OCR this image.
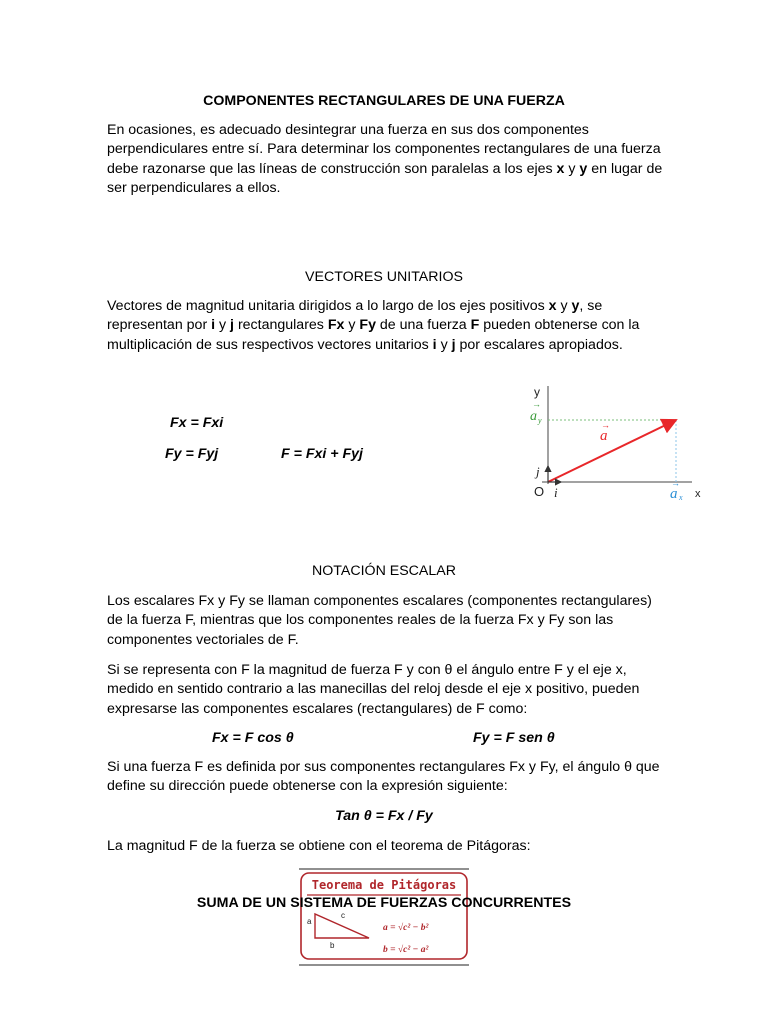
COMPONENTES RECTANGULARES DE UNA FUERZA

En ocasiones, es adecuado desintegrar una fuerza en sus dos componentes perpendiculares entre sí. Para determinar los componentes rectangulares de una fuerza debe razonarse que las líneas de construcción son paralelas a los ejes x y y en lugar de ser perpendiculares a ellos.

VECTORES UNITARIOS

Vectores de magnitud unitaria dirigidos a lo largo de los ejes positivos x y y, se representan por i y j rectangulares Fx y Fy de una fuerza F pueden obtenerse con la multiplicación de sus respectivos vectores unitarios i y j por escalares apropiados.

Fx = Fxi
Fy = Fyj	F = Fxi + Fyj
y
x
O
a y
→
a
→
a x
→
j
i
NOTACIÓN ESCALAR

Los escalares Fx y Fy se llaman componentes escalares (componentes rectangulares) de la fuerza F, mientras que los componentes reales de la fuerza Fx y Fy son las componentes vectoriales de F.

Si se representa con F la magnitud de fuerza F y con θ el ángulo entre F y el eje x, medido en sentido contrario a las manecillas del reloj desde el eje x positivo, pueden expresarse las componentes escalares (rectangulares) de F como:

Fx = F cos θ	Fy = F sen θ

Si una fuerza F es definida por sus componentes rectangulares Fx y Fy, el ángulo θ que define su dirección puede obtenerse con la expresión siguiente:

Tan θ = Fx / Fy

La magnitud F de la fuerza se obtiene con el teorema de Pitágoras:

Teorema de Pitágoras
a
b
c
a = √c² − b²
b = √c² − a²
SUMA DE UN SISTEMA DE FUERZAS CONCURRENTES
